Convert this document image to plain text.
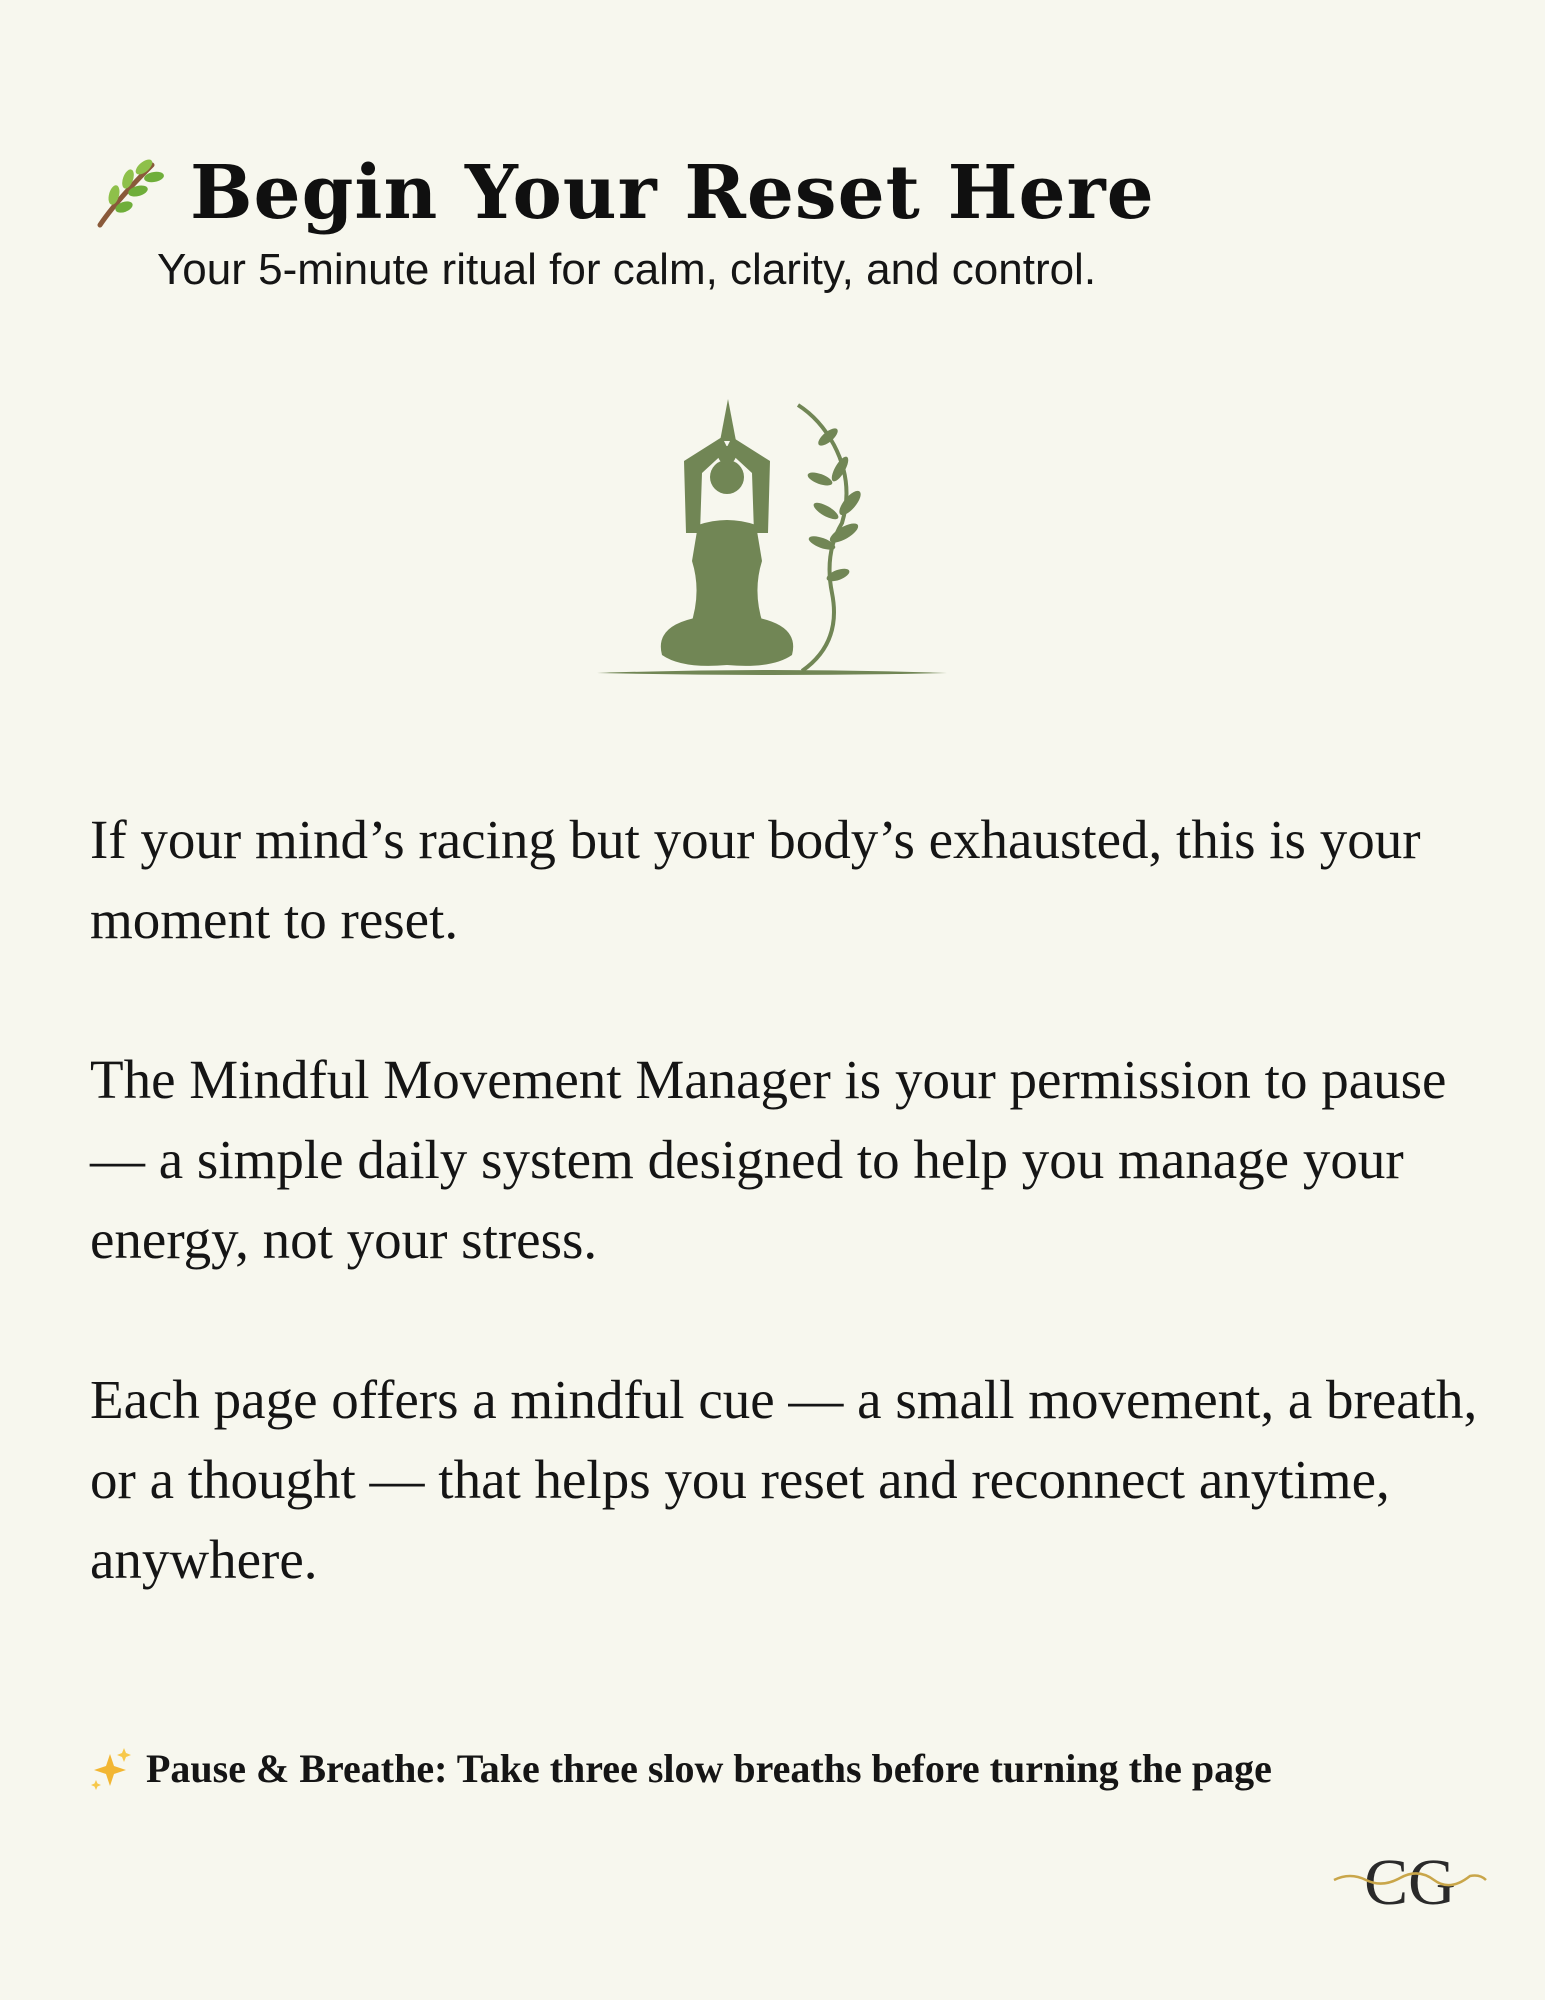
Begin Your Reset Here
Your 5-minute ritual for calm, clarity, and control.

If your mind’s racing but your body’s exhausted, this is your moment to reset.

The Mindful Movement Manager is your permission to pause — a simple daily system designed to help you manage your energy, not your stress.

Each page offers a mindful cue — a small movement, a breath, or a thought — that helps you reset and reconnect anytime, anywhere.

Pause & Breathe: Take three slow breaths before turning the page
CG
